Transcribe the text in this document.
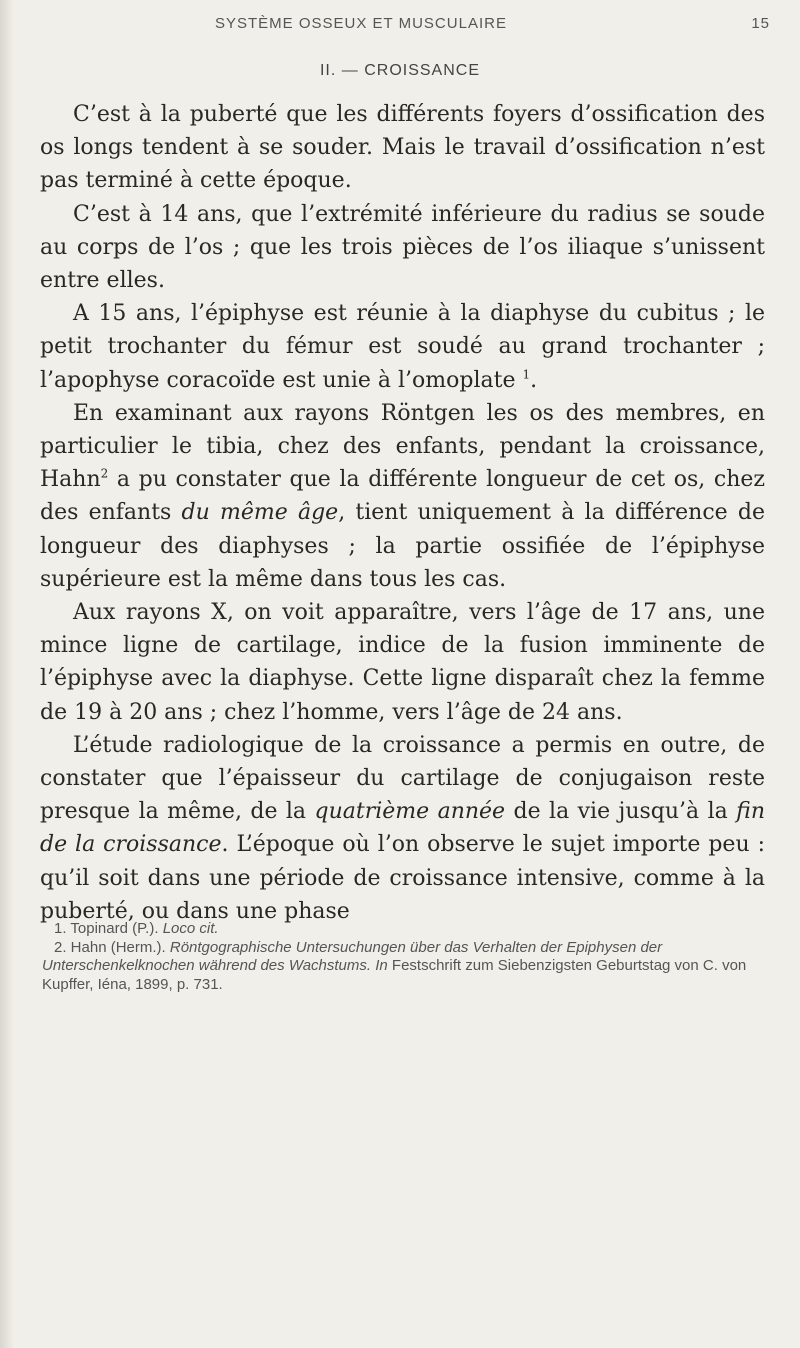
SYSTÈME OSSEUX ET MUSCULAIRE	15
II. — CROISSANCE

C’est à la puberté que les différents foyers d’ossification des os longs tendent à se souder. Mais le travail d’ossification n’est pas terminé à cette époque.

C’est à 14 ans, que l’extrémité inférieure du radius se soude au corps de l’os ; que les trois pièces de l’os iliaque s’unissent entre elles.

A 15 ans, l’épiphyse est réunie à la diaphyse du cubitus ; le petit trochanter du fémur est soudé au grand trochanter ; l’apophyse coracoïde est unie à l’omoplate $^1$.

En examinant aux rayons Röntgen les os des membres, en particulier le tibia, chez des enfants, pendant la croissance, Hahn$^2$ a pu constater que la différente longueur de cet os, chez des enfants du même âge, tient uniquement à la différence de longueur des diaphyses ; la partie ossifiée de l’épiphyse supérieure est la même dans tous les cas.

Aux rayons X, on voit apparaître, vers l’âge de 17 ans, une mince ligne de cartilage, indice de la fusion imminente de l’épiphyse avec la diaphyse. Cette ligne disparaît chez la femme de 19 à 20 ans ; chez l’homme, vers l’âge de 24 ans.

L’étude radiologique de la croissance a permis en outre, de constater que l’épaisseur du cartilage de conjugaison reste presque la même, de la quatrième année de la vie jusqu’à la fin de la croissance. L’époque où l’on observe le sujet importe peu : qu’il soit dans une période de croissance intensive, comme à la puberté, ou dans une phase

1. Topinard (P.). Loco cit.

2. Hahn (Herm.). Röntgographische Untersuchungen über das Verhalten der Epiphysen der Unterschenkelknochen während des Wachstums. In Festschrift zum Siebenzigsten Geburtstag von C. von Kupffer, Iéna, 1899, p. 731.
